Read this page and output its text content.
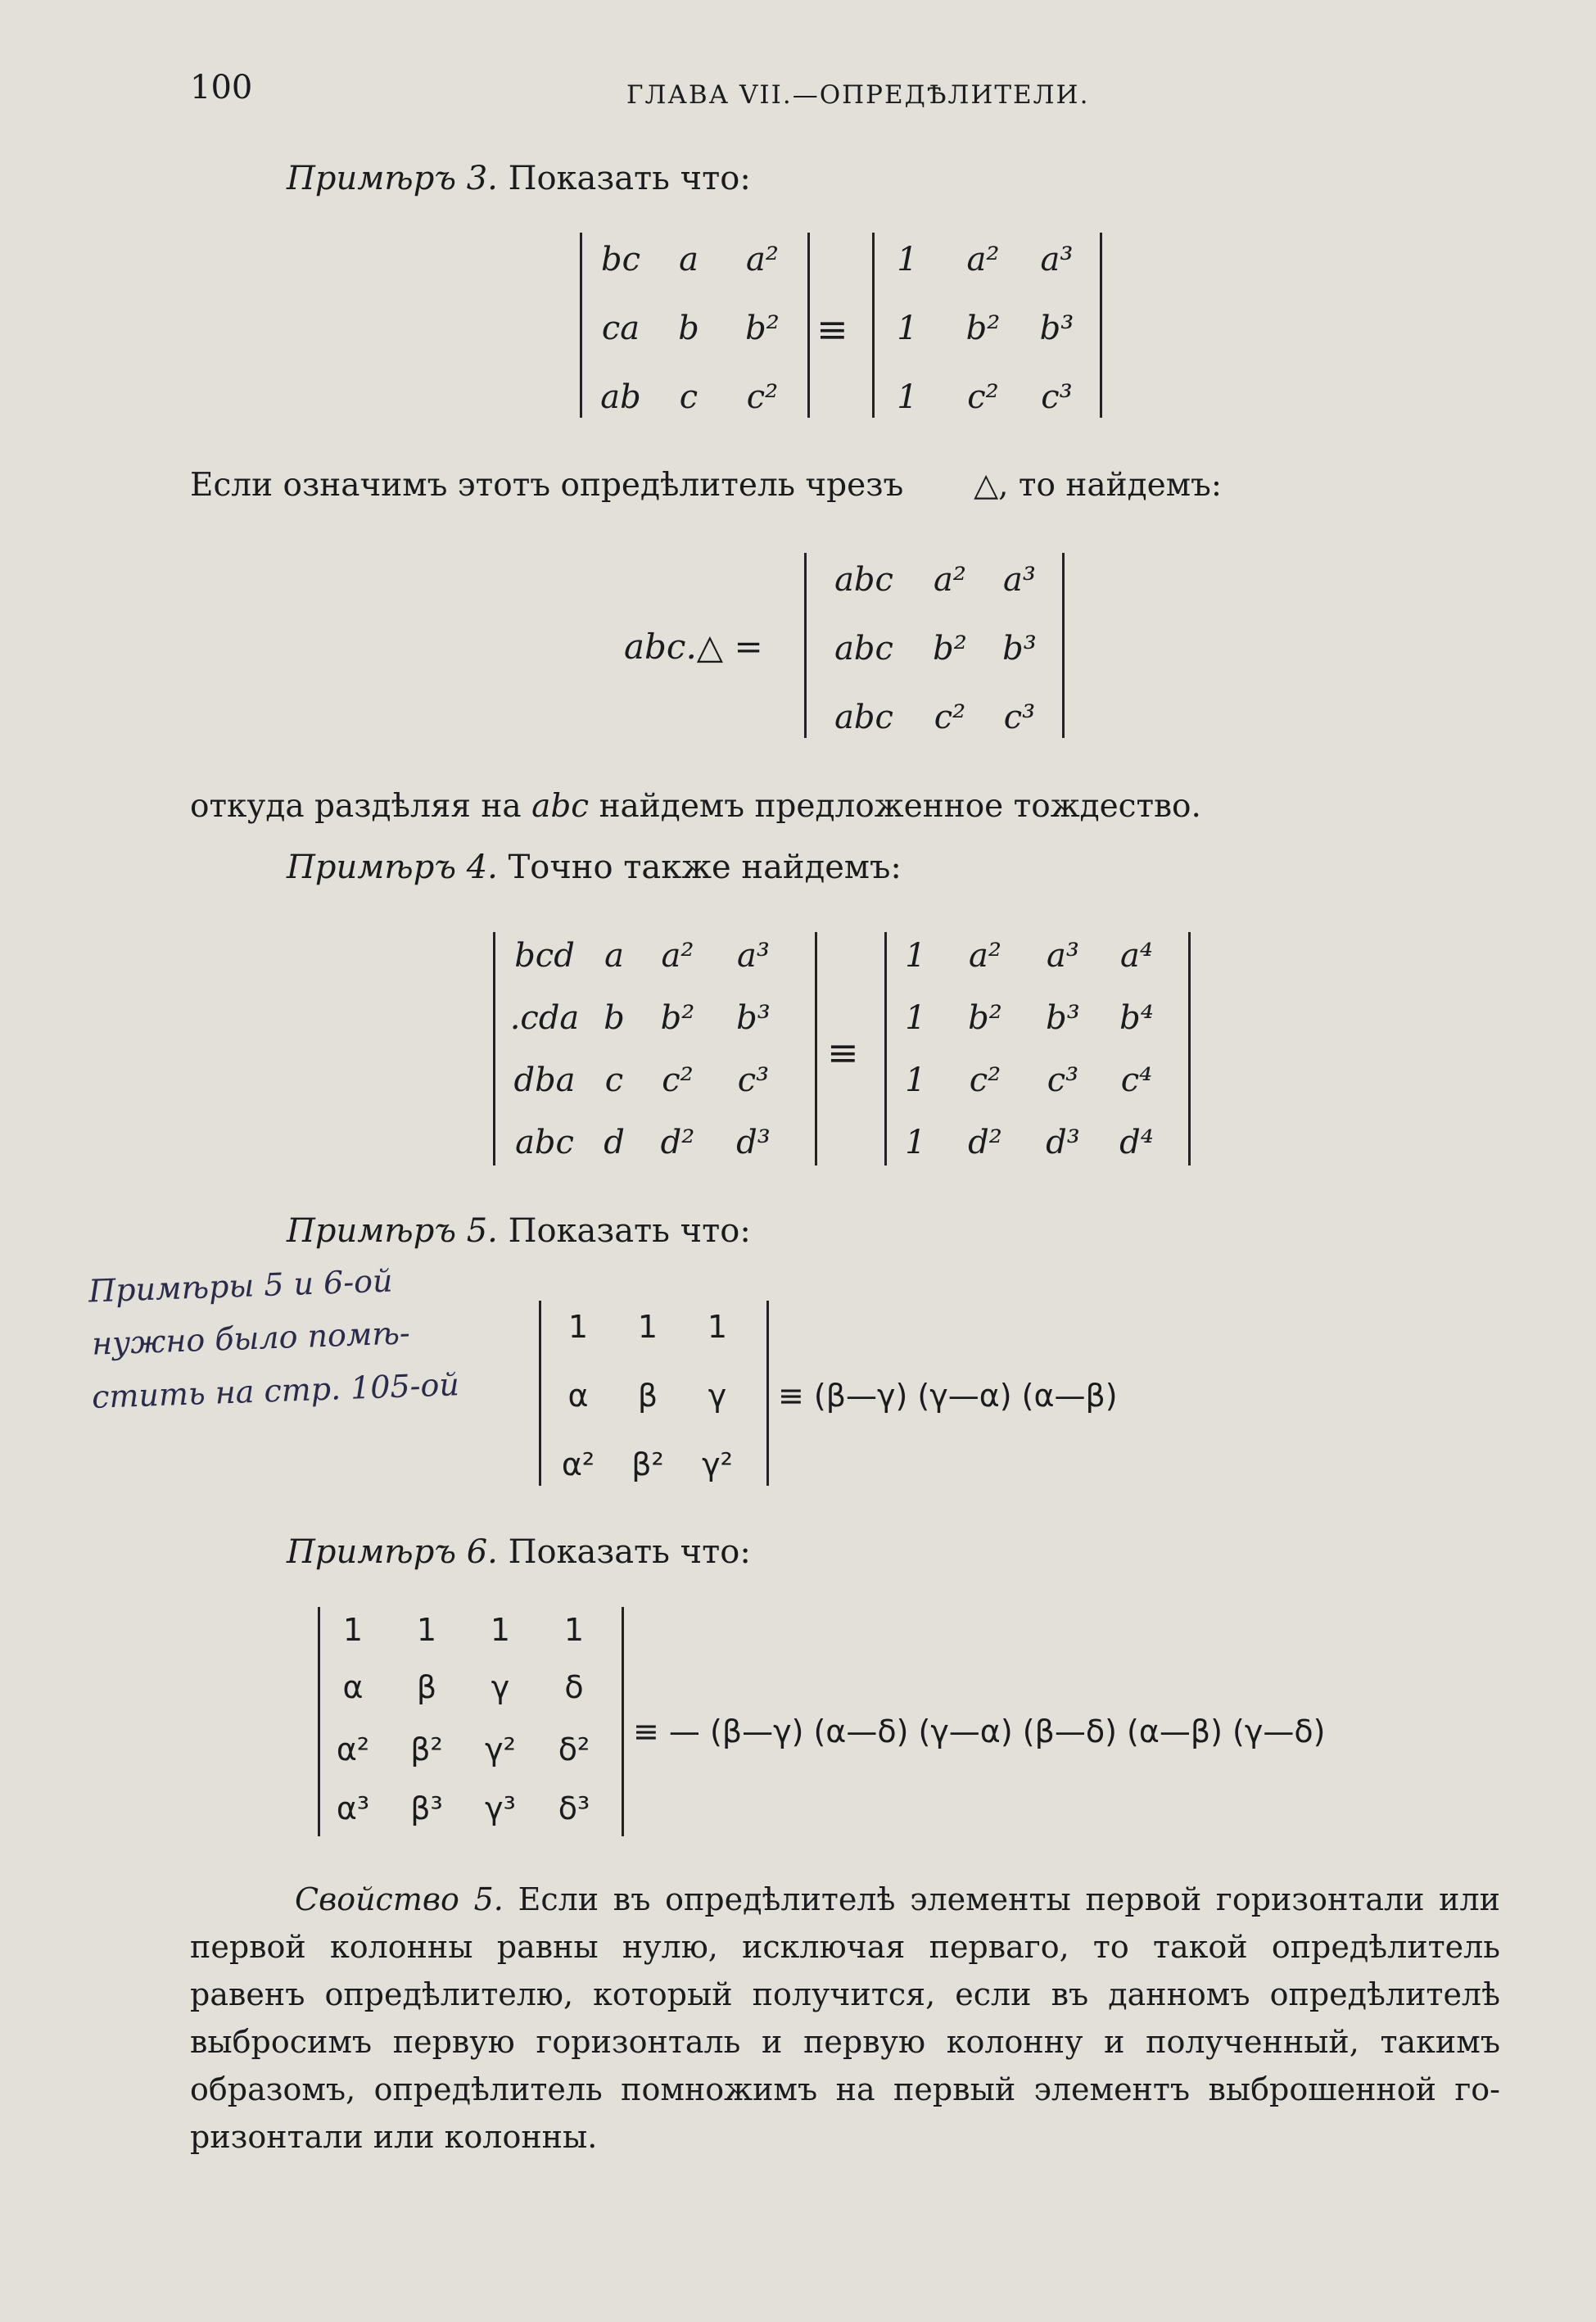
100	ГЛАВА VII.—ОПРЕДѢЛИТЕЛИ.
Примѣръ 3. Показать что:
bc	a	a²
ca	b	b²
ab	c	c²
≡
1	a²	a³
1	b²	b³
1	c²	c³
Если означимъ этотъ опредѣлитель чрезъ △, то найдемъ:
abc.△ =
abc	a²	a³
abc	b²	b³
abc	c²	c³
откуда раздѣляя на abc найдемъ предложенное тождество.
Примѣръ 4. Точно также найдемъ:
bcd a	a²	a³
.cda b	b²	b³
dba c	c²	c³
abc d	d²	d³
≡
1	a²	a³	a⁴
1	b²	b³	b⁴
1	c²	c³	c⁴
1	d²	d³	d⁴
Примѣръ 5. Показать что:
Примѣры 5 и 6-ой
нужно было помѣ-
стить на стр. 105-ой
1	1	1
α	β	γ
α² β² γ²
≡ (β—γ) (γ—α) (α—β)
Примѣръ 6. Показать что:
1	1	1	1
α	β	γ	δ
α² β² γ² δ²
α³ β³ γ³ δ³
≡ — (β—γ) (α—δ) (γ—α) (β—δ) (α—β) (γ—δ)
Свойство 5. Если въ опредѣлителѣ элементы первой горизонтали или
первой колонны равны нулю, исключая перваго, то такой опредѣлитель
равенъ опредѣлителю, который получится, если въ данномъ опредѣлителѣ
выбросимъ первую горизонталь и первую колонну и полученный, такимъ
образомъ, опредѣлитель помножимъ на первый элементъ выброшенной го-
ризонтали или колонны.
